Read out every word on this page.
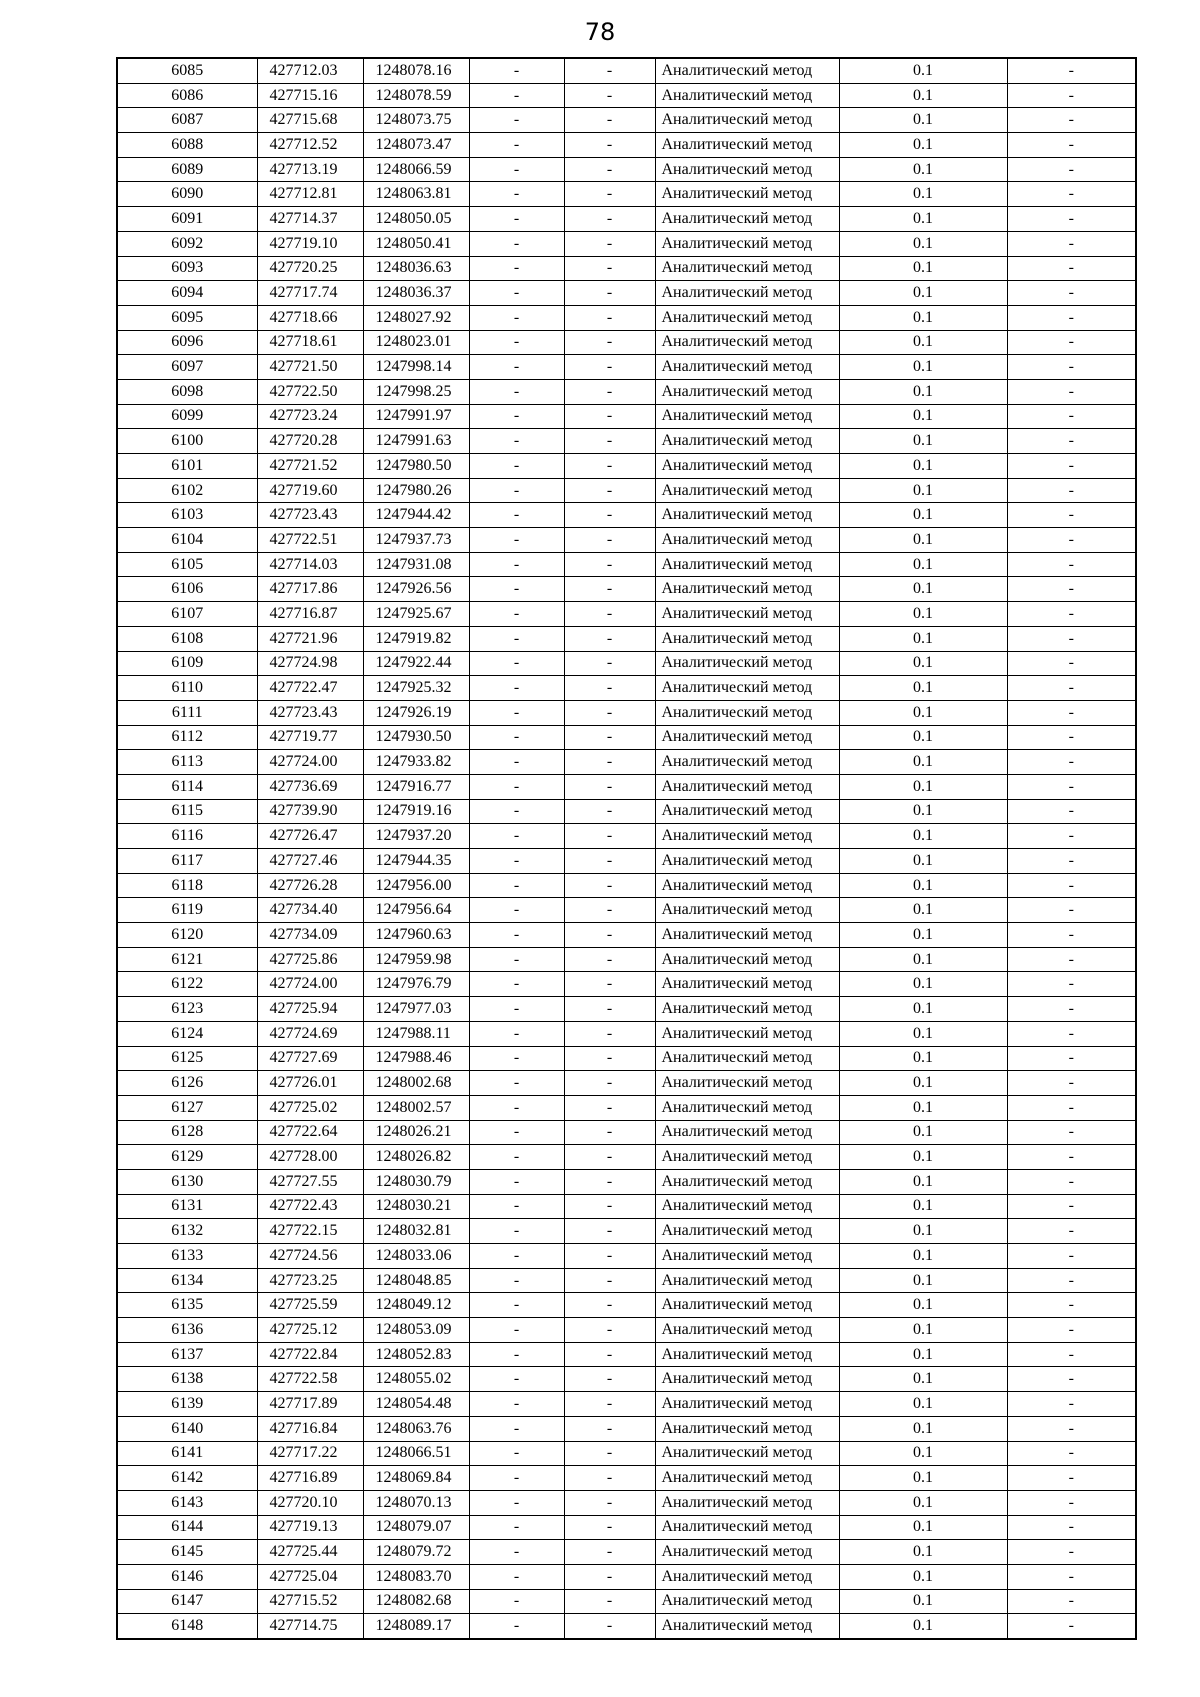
78
6085	427712.03	1248078.16	-	-	Аналитический метод	0.1	-
6086	427715.16	1248078.59	-	-	Аналитический метод	0.1	-
6087	427715.68	1248073.75	-	-	Аналитический метод	0.1	-
6088	427712.52	1248073.47	-	-	Аналитический метод	0.1	-
6089	427713.19	1248066.59	-	-	Аналитический метод	0.1	-
6090	427712.81	1248063.81	-	-	Аналитический метод	0.1	-
6091	427714.37	1248050.05	-	-	Аналитический метод	0.1	-
6092	427719.10	1248050.41	-	-	Аналитический метод	0.1	-
6093	427720.25	1248036.63	-	-	Аналитический метод	0.1	-
6094	427717.74	1248036.37	-	-	Аналитический метод	0.1	-
6095	427718.66	1248027.92	-	-	Аналитический метод	0.1	-
6096	427718.61	1248023.01	-	-	Аналитический метод	0.1	-
6097	427721.50	1247998.14	-	-	Аналитический метод	0.1	-
6098	427722.50	1247998.25	-	-	Аналитический метод	0.1	-
6099	427723.24	1247991.97	-	-	Аналитический метод	0.1	-
6100	427720.28	1247991.63	-	-	Аналитический метод	0.1	-
6101	427721.52	1247980.50	-	-	Аналитический метод	0.1	-
6102	427719.60	1247980.26	-	-	Аналитический метод	0.1	-
6103	427723.43	1247944.42	-	-	Аналитический метод	0.1	-
6104	427722.51	1247937.73	-	-	Аналитический метод	0.1	-
6105	427714.03	1247931.08	-	-	Аналитический метод	0.1	-
6106	427717.86	1247926.56	-	-	Аналитический метод	0.1	-
6107	427716.87	1247925.67	-	-	Аналитический метод	0.1	-
6108	427721.96	1247919.82	-	-	Аналитический метод	0.1	-
6109	427724.98	1247922.44	-	-	Аналитический метод	0.1	-
6110	427722.47	1247925.32	-	-	Аналитический метод	0.1	-
6111	427723.43	1247926.19	-	-	Аналитический метод	0.1	-
6112	427719.77	1247930.50	-	-	Аналитический метод	0.1	-
6113	427724.00	1247933.82	-	-	Аналитический метод	0.1	-
6114	427736.69	1247916.77	-	-	Аналитический метод	0.1	-
6115	427739.90	1247919.16	-	-	Аналитический метод	0.1	-
6116	427726.47	1247937.20	-	-	Аналитический метод	0.1	-
6117	427727.46	1247944.35	-	-	Аналитический метод	0.1	-
6118	427726.28	1247956.00	-	-	Аналитический метод	0.1	-
6119	427734.40	1247956.64	-	-	Аналитический метод	0.1	-
6120	427734.09	1247960.63	-	-	Аналитический метод	0.1	-
6121	427725.86	1247959.98	-	-	Аналитический метод	0.1	-
6122	427724.00	1247976.79	-	-	Аналитический метод	0.1	-
6123	427725.94	1247977.03	-	-	Аналитический метод	0.1	-
6124	427724.69	1247988.11	-	-	Аналитический метод	0.1	-
6125	427727.69	1247988.46	-	-	Аналитический метод	0.1	-
6126	427726.01	1248002.68	-	-	Аналитический метод	0.1	-
6127	427725.02	1248002.57	-	-	Аналитический метод	0.1	-
6128	427722.64	1248026.21	-	-	Аналитический метод	0.1	-
6129	427728.00	1248026.82	-	-	Аналитический метод	0.1	-
6130	427727.55	1248030.79	-	-	Аналитический метод	0.1	-
6131	427722.43	1248030.21	-	-	Аналитический метод	0.1	-
6132	427722.15	1248032.81	-	-	Аналитический метод	0.1	-
6133	427724.56	1248033.06	-	-	Аналитический метод	0.1	-
6134	427723.25	1248048.85	-	-	Аналитический метод	0.1	-
6135	427725.59	1248049.12	-	-	Аналитический метод	0.1	-
6136	427725.12	1248053.09	-	-	Аналитический метод	0.1	-
6137	427722.84	1248052.83	-	-	Аналитический метод	0.1	-
6138	427722.58	1248055.02	-	-	Аналитический метод	0.1	-
6139	427717.89	1248054.48	-	-	Аналитический метод	0.1	-
6140	427716.84	1248063.76	-	-	Аналитический метод	0.1	-
6141	427717.22	1248066.51	-	-	Аналитический метод	0.1	-
6142	427716.89	1248069.84	-	-	Аналитический метод	0.1	-
6143	427720.10	1248070.13	-	-	Аналитический метод	0.1	-
6144	427719.13	1248079.07	-	-	Аналитический метод	0.1	-
6145	427725.44	1248079.72	-	-	Аналитический метод	0.1	-
6146	427725.04	1248083.70	-	-	Аналитический метод	0.1	-
6147	427715.52	1248082.68	-	-	Аналитический метод	0.1	-
6148	427714.75	1248089.17	-	-	Аналитический метод	0.1	-
